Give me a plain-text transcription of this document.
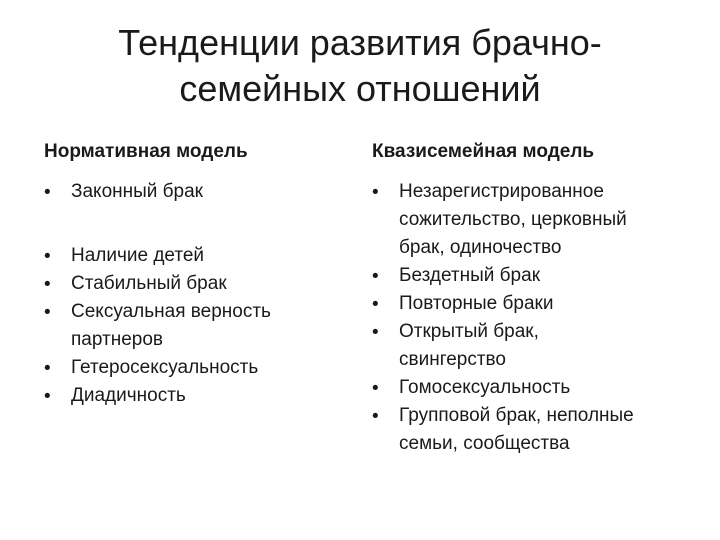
Тенденции развития брачно-
семейных отношений
Нормативная модель
•	Законный брак
•	Наличие детей
•	Стабильный брак
•	Сексуальная верность
партнеров
•	Гетеросексуальность
•	Диадичность
Квазисемейная модель
•	Незарегистрированное
сожительство, церковный
брак, одиночество
•	Бездетный брак
•	Повторные браки
•	Открытый брак,
свингерство
•	Гомосексуальность
•	Групповой брак, неполные
семьи, сообщества
